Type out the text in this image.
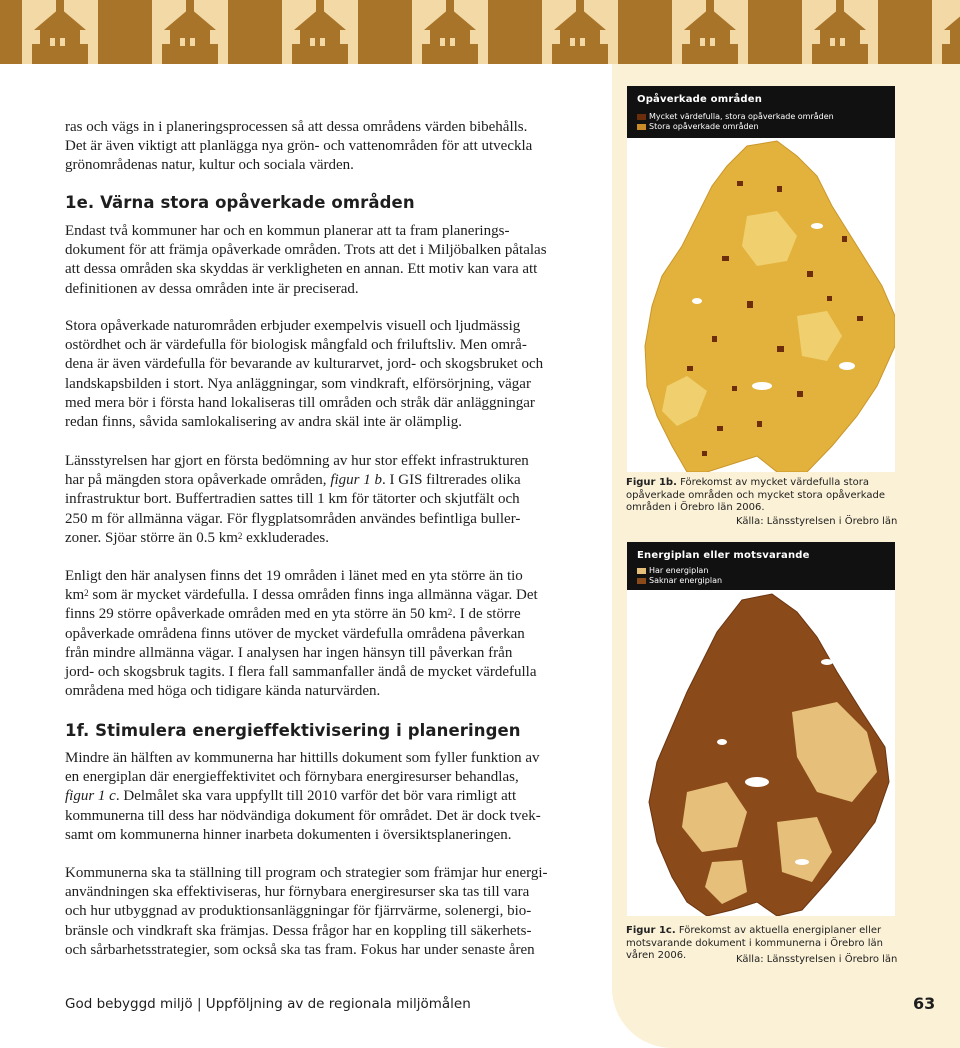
ras och vägs in i planeringsprocessen så att dessa områdens värden bibehålls.

Det är även viktigt att planlägga nya grön- och vattenområden för att utveckla

grönområdenas natur, kultur och sociala värden.

1e. Värna stora opåverkade områden

Endast två kommuner har och en kommun planerar att ta fram planerings-

dokument för att främja opåverkade områden. Trots att det i Miljöbalken påtalas

att dessa områden ska skyddas är verkligheten en annan. Ett motiv kan vara att

definitionen av dessa områden inte är preciserad.

Stora opåverkade naturområden erbjuder exempelvis visuell och ljudmässig

ostördhet och är värdefulla för biologisk mångfald och friluftsliv. Men områ-

dena är även värdefulla för bevarande av kulturarvet, jord- och skogsbruket och

landskapsbilden i stort. Nya anläggningar, som vindkraft, elförsörjning, vägar

med mera bör i första hand lokaliseras till områden och stråk där anläggningar

redan finns, såvida samlokalisering av andra skäl inte är olämplig.

Länsstyrelsen har gjort en första bedömning av hur stor effekt infrastrukturen

har på mängden stora opåverkade områden, figur 1 b. I GIS filtrerades olika

infrastruktur bort. Buffertradien sattes till 1 km för tätorter och skjutfält och

250 m för allmänna vägar. För flygplatsområden användes befintliga buller-

zoner. Sjöar större än 0.5 $km^2$ exkluderades.

Enligt den här analysen finns det 19 områden i länet med en yta större än tio

$km^2$ som är mycket värdefulla. I dessa områden finns inga allmänna vägar. Det

finns 29 större opåverkade områden med en yta större än 50 $km^2$. I de större

opåverkade områdena finns utöver de mycket värdefulla områdena påverkan

från mindre allmänna vägar. I analysen har ingen hänsyn till påverkan från

jord- och skogsbruk tagits. I flera fall sammanfaller ändå de mycket värdefulla

områdena med höga och tidigare kända naturvärden.

1f. Stimulera energieffektivisering i planeringen

Mindre än hälften av kommunerna har hittills dokument som fyller funktion av

en energiplan där energieffektivitet och förnybara energiresurser behandlas,

figur 1 c. Delmålet ska vara uppfyllt till 2010 varför det bör vara rimligt att

kommunerna till dess har nödvändiga dokument för området. Det är dock tvek-

samt om kommunerna hinner inarbeta dokumenten i översiktsplaneringen.

Kommunerna ska ta ställning till program och strategier som främjar hur energi-

användningen ska effektiviseras, hur förnybara energiresurser ska tas till vara

och hur utbyggnad av produktionsanläggningar för fjärrvärme, solenergi, bio-

bränsle och vindkraft ska främjas. Dessa frågor har en koppling till säkerhets-

och sårbarhetsstrategier, som också ska tas fram. Fokus har under senaste åren

Opåverkade områden
Mycket värdefulla, stora opåverkade områden
Stora opåverkade områden
Figur 1b. Förekomst av mycket värdefulla stora
opåverkade områden och mycket stora opåverkade
områden i Örebro län 2006.
Källa: Länsstyrelsen i Örebro län
Energiplan eller motsvarande
Har energiplan
Saknar energiplan
Figur 1c. Förekomst av aktuella energiplaner eller
motsvarande dokument i kommunerna i Örebro län
våren 2006.	Källa: Länsstyrelsen i Örebro län
God bebyggd miljö | Uppföljning av de regionala miljömålen	63
